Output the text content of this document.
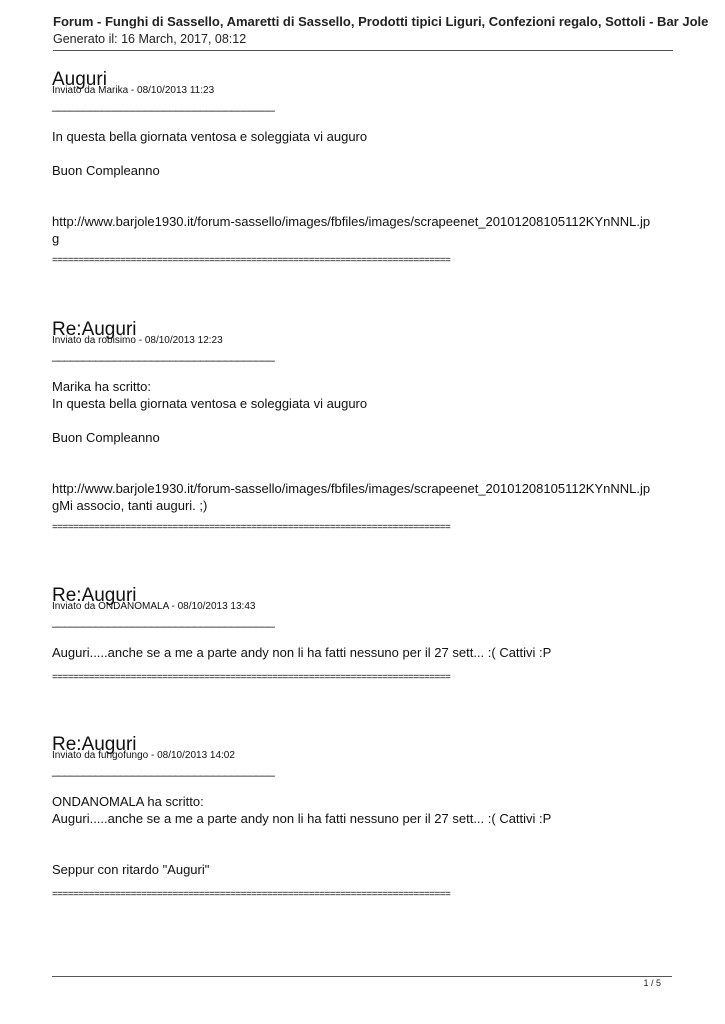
Forum - Funghi di Sassello, Amaretti di Sassello, Prodotti tipici Liguri, Confezioni regalo, Sottoli - Bar Jole
Generato il: 16 March, 2017, 08:12
Auguri
Inviato da Marika - 08/10/2013 11:23
____________________________________
In questa bella giornata ventosa e soleggiata vi auguro
Buon Compleanno
http://www.barjole1930.it/forum-sassello/images/fbfiles/images/scrapeenet_20101208105112KYnNNL.jp
g
============================================================================
Re:Auguri
Inviato da robisimo - 08/10/2013 12:23
____________________________________
Marika ha scritto:
In questa bella giornata ventosa e soleggiata vi auguro
Buon Compleanno
http://www.barjole1930.it/forum-sassello/images/fbfiles/images/scrapeenet_20101208105112KYnNNL.jp
gMi associo, tanti auguri. ;)
============================================================================
Re:Auguri
Inviato da ONDANOMALA - 08/10/2013 13:43
____________________________________
Auguri.....anche se a me a parte andy non li ha fatti nessuno per il 27 sett... :( Cattivi :P
============================================================================
Re:Auguri
Inviato da fungofungo - 08/10/2013 14:02
____________________________________
ONDANOMALA ha scritto:
Auguri.....anche se a me a parte andy non li ha fatti nessuno per il 27 sett... :( Cattivi :P
Seppur con ritardo "Auguri"
============================================================================
1 / 5
